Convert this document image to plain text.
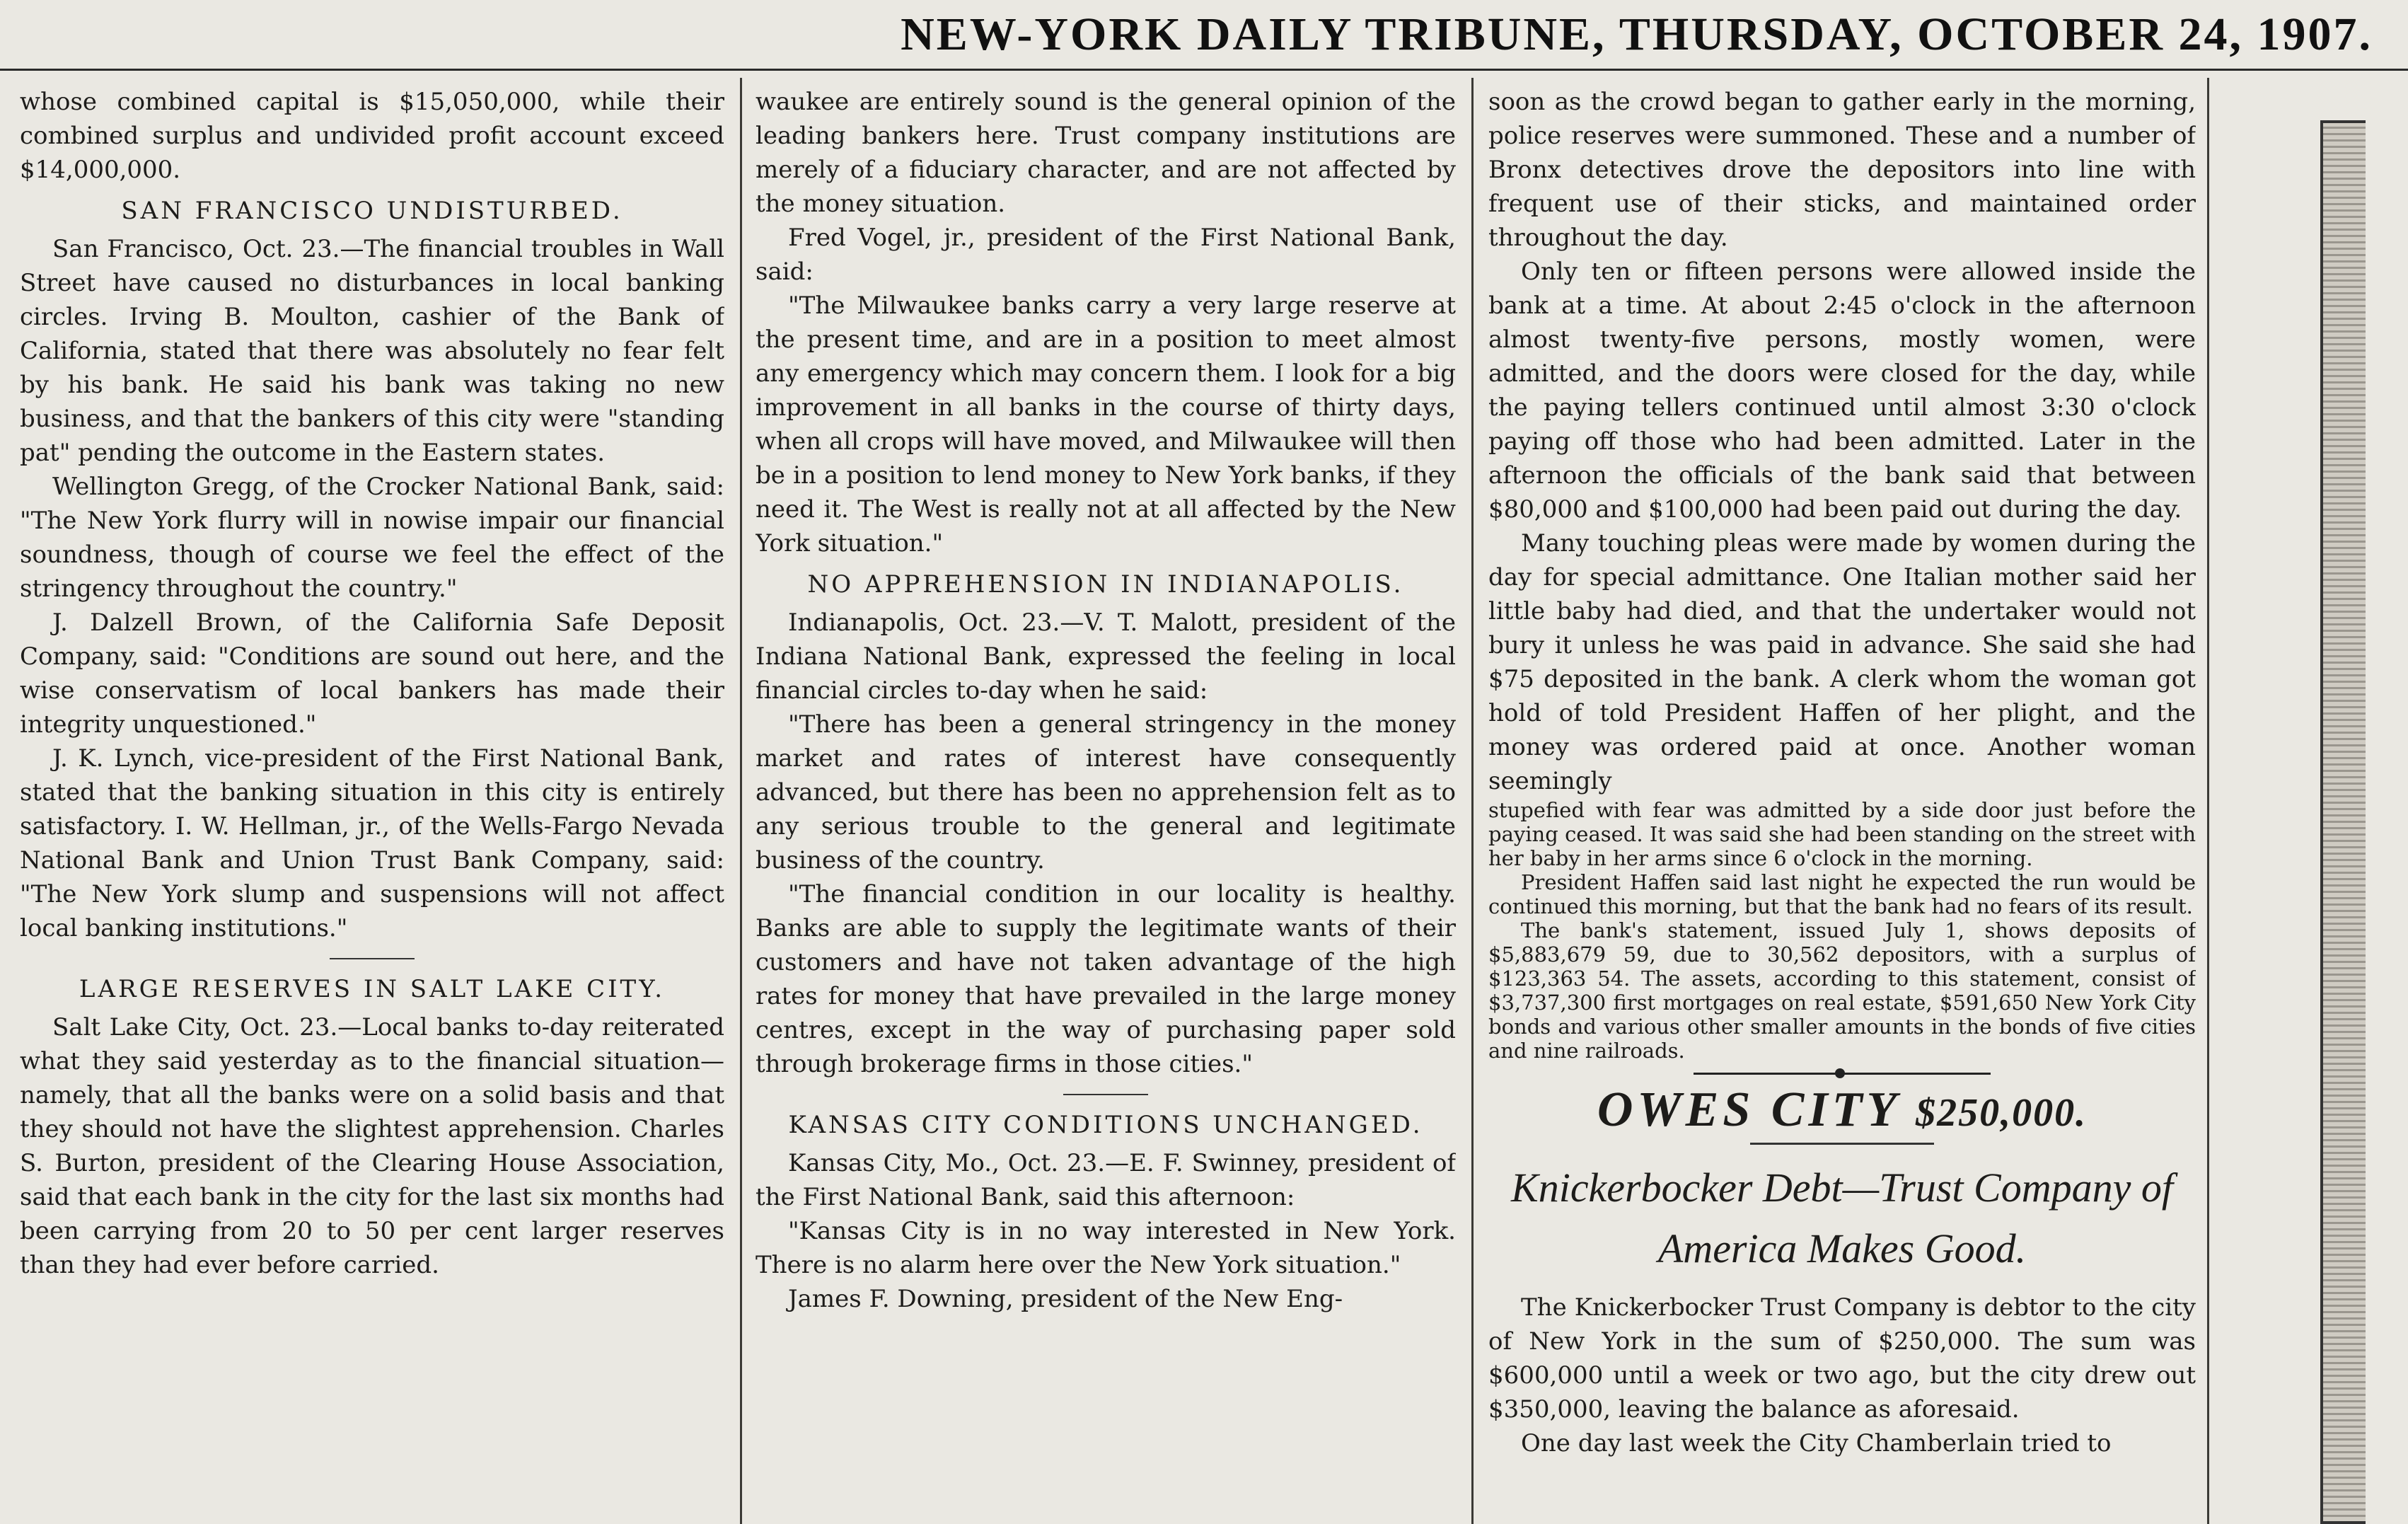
NEW-YORK DAILY TRIBUNE, THURSDAY, OCTOBER 24, 1907.

whose combined capital is $15,050,000, while their combined surplus and undivided profit account exceed $14,000,000.

SAN FRANCISCO UNDISTURBED.

San Francisco, Oct. 23.—The financial troubles in Wall Street have caused no disturbances in local banking circles. Irving B. Moulton, cashier of the Bank of California, stated that there was absolutely no fear felt by his bank. He said his bank was taking no new business, and that the bankers of this city were "standing pat" pending the outcome in the Eastern states.

Wellington Gregg, of the Crocker National Bank, said: "The New York flurry will in nowise impair our financial soundness, though of course we feel the effect of the stringency throughout the country."

J. Dalzell Brown, of the California Safe Deposit Company, said: "Conditions are sound out here, and the wise conservatism of local bankers has made their integrity unquestioned."

J. K. Lynch, vice-president of the First National Bank, stated that the banking situation in this city is entirely satisfactory. I. W. Hellman, jr., of the Wells-Fargo Nevada National Bank and Union Trust Bank Company, said: "The New York slump and suspensions will not affect local banking institutions."

LARGE RESERVES IN SALT LAKE CITY.

Salt Lake City, Oct. 23.—Local banks to-day reiterated what they said yesterday as to the financial situation—namely, that all the banks were on a solid basis and that they should not have the slightest apprehension. Charles S. Burton, president of the Clearing House Association, said that each bank in the city for the last six months had been carrying from 20 to 50 per cent larger reserves than they had ever before carried.

waukee are entirely sound is the general opinion of the leading bankers here. Trust company institutions are merely of a fiduciary character, and are not affected by the money situation.

Fred Vogel, jr., president of the First National Bank, said:

"The Milwaukee banks carry a very large reserve at the present time, and are in a position to meet almost any emergency which may concern them. I look for a big improvement in all banks in the course of thirty days, when all crops will have moved, and Milwaukee will then be in a position to lend money to New York banks, if they need it. The West is really not at all affected by the New York situation."

NO APPREHENSION IN INDIANAPOLIS.

Indianapolis, Oct. 23.—V. T. Malott, president of the Indiana National Bank, expressed the feeling in local financial circles to-day when he said:

"There has been a general stringency in the money market and rates of interest have consequently advanced, but there has been no apprehension felt as to any serious trouble to the general and legitimate business of the country.

"The financial condition in our locality is healthy. Banks are able to supply the legitimate wants of their customers and have not taken advantage of the high rates for money that have prevailed in the large money centres, except in the way of purchasing paper sold through brokerage firms in those cities."

KANSAS CITY CONDITIONS UNCHANGED.

Kansas City, Mo., Oct. 23.—E. F. Swinney, president of the First National Bank, said this afternoon:

"Kansas City is in no way interested in New York. There is no alarm here over the New York situation."

James F. Downing, president of the New Eng-

soon as the crowd began to gather early in the morning, police reserves were summoned. These and a number of Bronx detectives drove the depositors into line with frequent use of their sticks, and maintained order throughout the day.

Only ten or fifteen persons were allowed inside the bank at a time. At about 2:45 o'clock in the afternoon almost twenty-five persons, mostly women, were admitted, and the doors were closed for the day, while the paying tellers continued until almost 3:30 o'clock paying off those who had been admitted. Later in the afternoon the officials of the bank said that between $80,000 and $100,000 had been paid out during the day.

Many touching pleas were made by women during the day for special admittance. One Italian mother said her little baby had died, and that the undertaker would not bury it unless he was paid in advance. She said she had $75 deposited in the bank. A clerk whom the woman got hold of told President Haffen of her plight, and the money was ordered paid at once. Another woman seemingly

stupefied with fear was admitted by a side door just before the paying ceased. It was said she had been standing on the street with her baby in her arms since 6 o'clock in the morning.

President Haffen said last night he expected the run would be continued this morning, but that the bank had no fears of its result.

The bank's statement, issued July 1, shows deposits of $5,883,679 59, due to 30,562 depositors, with a surplus of $123,363 54. The assets, according to this statement, consist of $3,737,300 first mortgages on real estate, $591,650 New York City bonds and various other smaller amounts in the bonds of five cities and nine railroads.

OWES CITY $250,000.
Knickerbocker Debt—Trust Company of America Makes Good.

The Knickerbocker Trust Company is debtor to the city of New York in the sum of $250,000. The sum was $600,000 until a week or two ago, but the city drew out $350,000, leaving the balance as aforesaid.

One day last week the City Chamberlain tried to
